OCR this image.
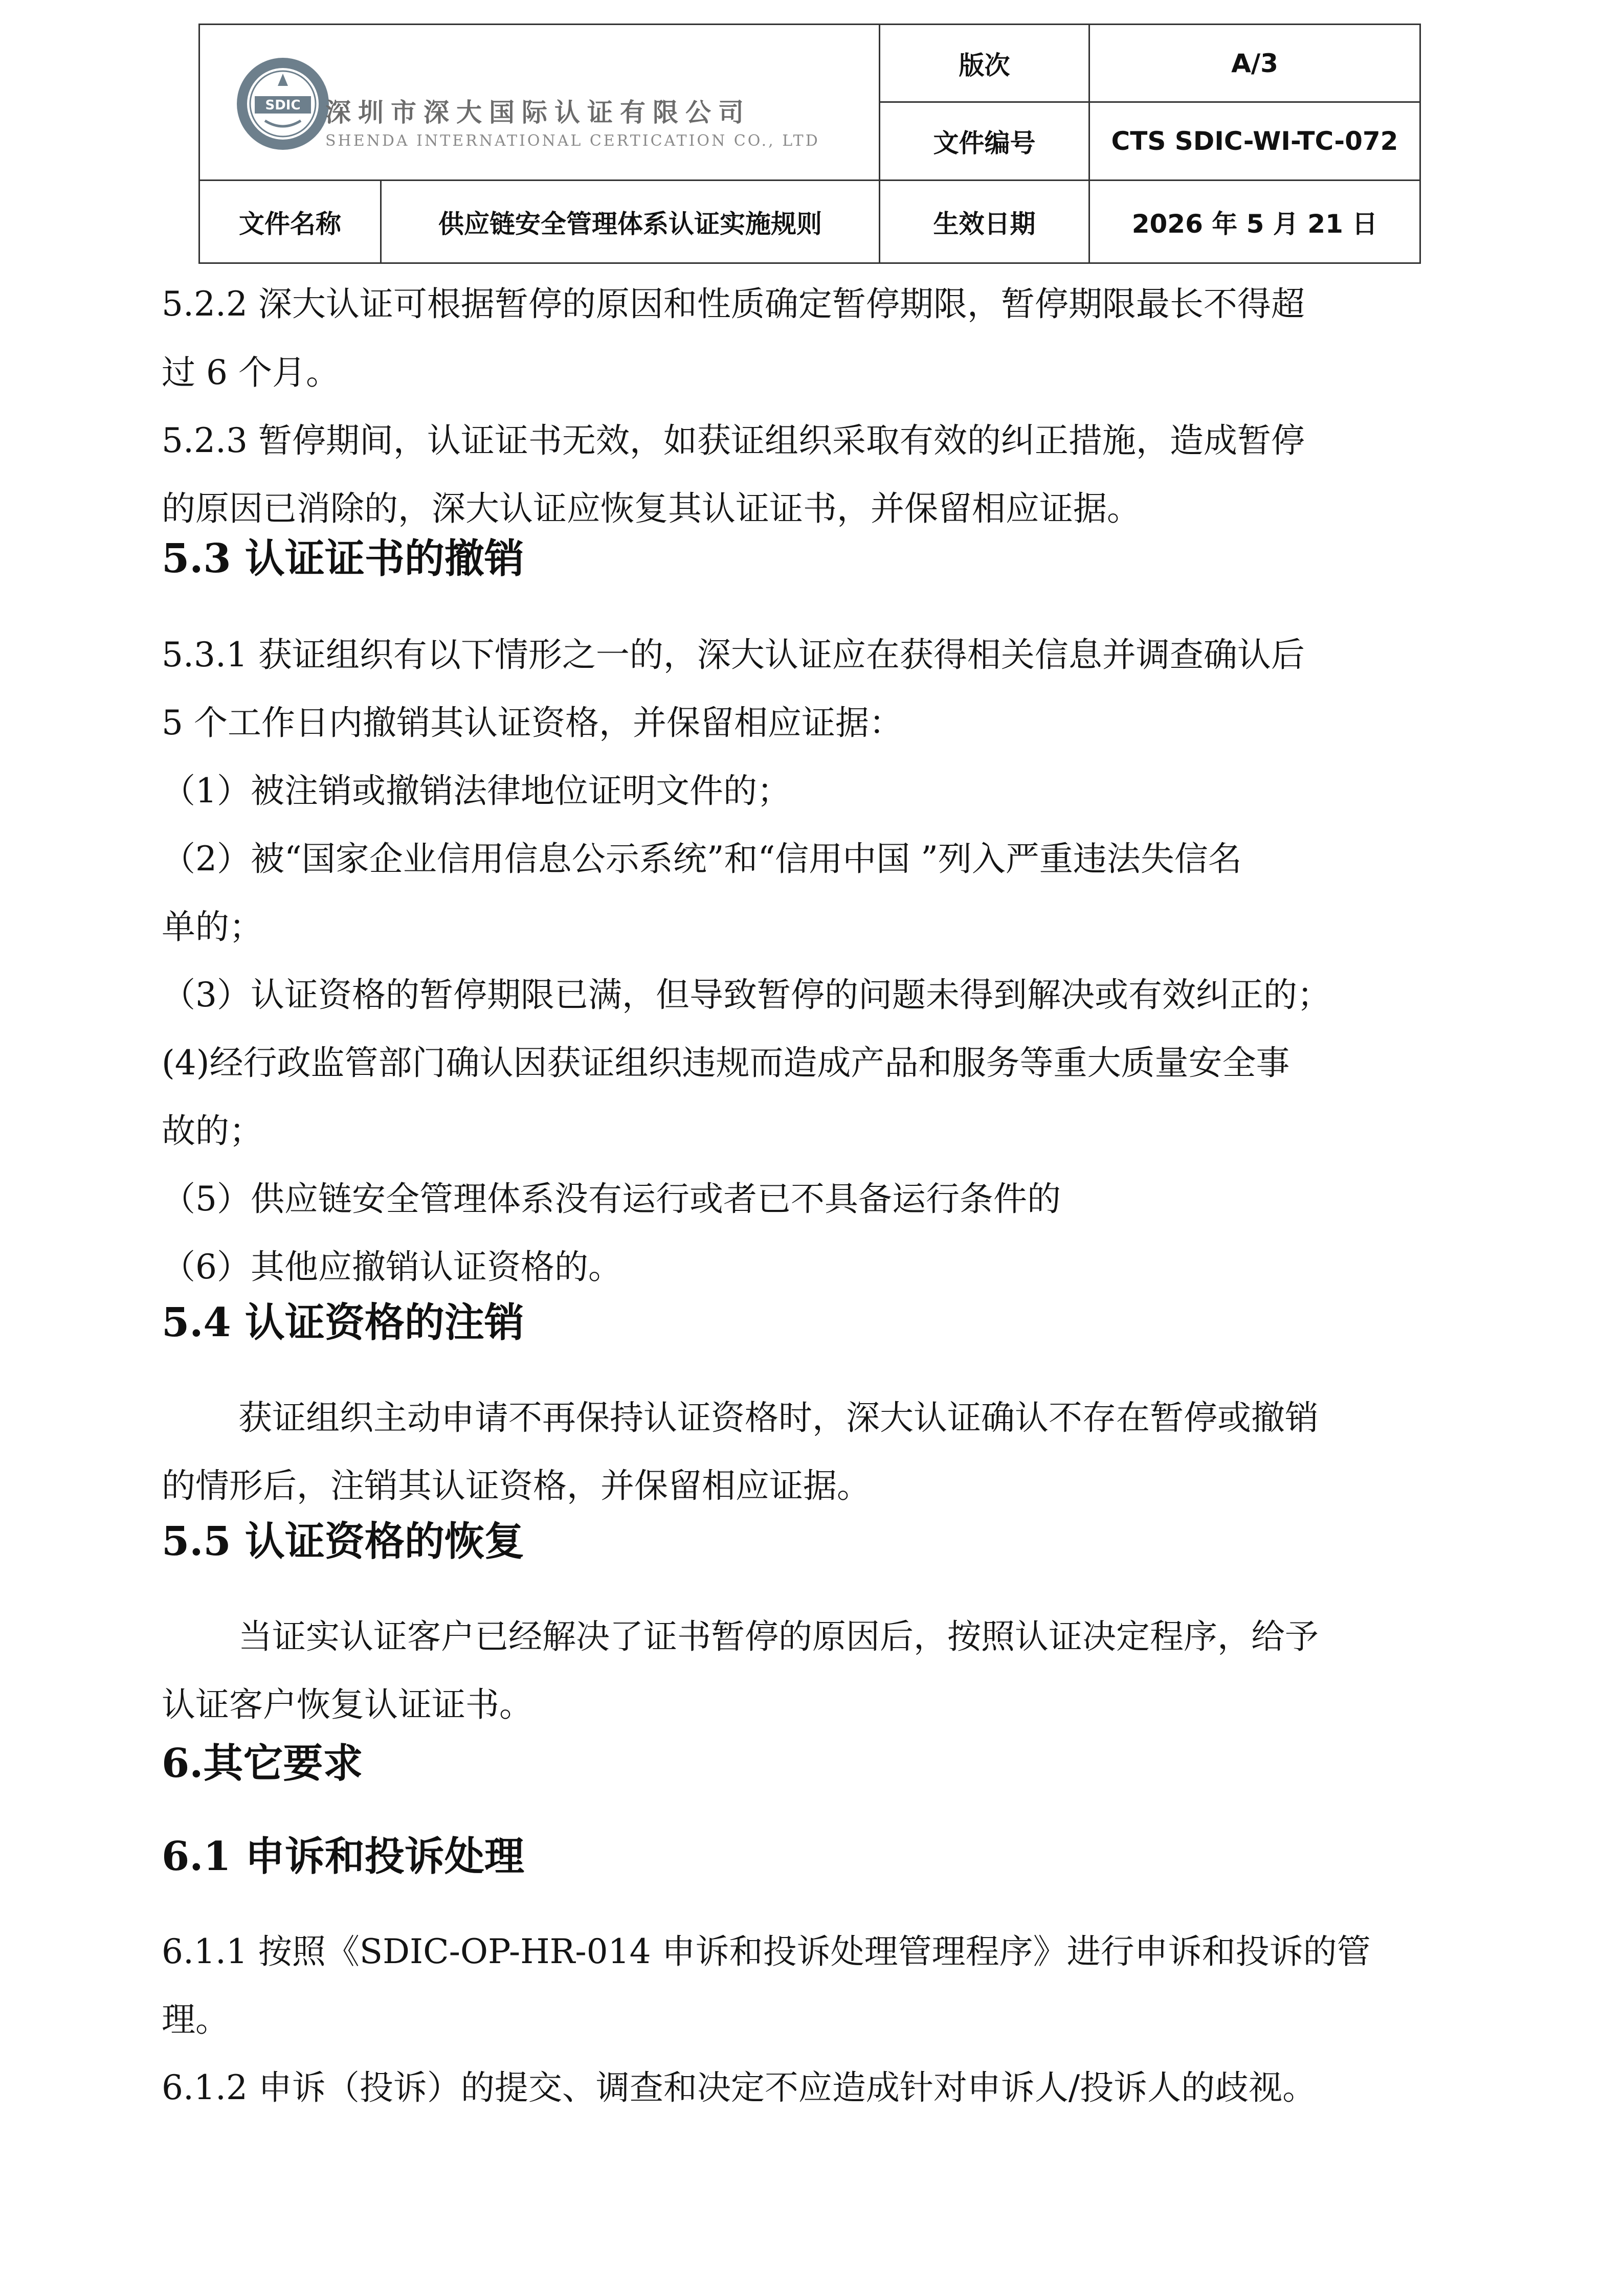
SDIC 深圳市深大国际认证有限公司
SHENDA INTERNATIONAL CERTICATION CO., LTD
版次	A/3
文件编号	CTS SDIC-WI-TC-072
文件名称	供应链安全管理体系认证实施规则	生效日期	2026 年 5 月 21 日
5.2.2 深大认证可根据暂停的原因和性质确定暂停期限，暂停期限最长不得超
过 6 个月。
5.2.3 暂停期间，认证证书无效，如获证组织采取有效的纠正措施，造成暂停
的原因已消除的，深大认证应恢复其认证证书，并保留相应证据。
5.3 认证证书的撤销
5.3.1 获证组织有以下情形之一的，深大认证应在获得相关信息并调查确认后
5 个工作日内撤销其认证资格，并保留相应证据：
（1）被注销或撤销法律地位证明文件的；
（2）被“国家企业信用信息公示系统”和“信用中国 ”列入严重违法失信名
单的；
（3）认证资格的暂停期限已满，但导致暂停的问题未得到解决或有效纠正的；
(4)经行政监管部门确认因获证组织违规而造成产品和服务等重大质量安全事
故的；
（5）供应链安全管理体系没有运行或者已不具备运行条件的
（6）其他应撤销认证资格的。
5.4 认证资格的注销
获证组织主动申请不再保持认证资格时，深大认证确认不存在暂停或撤销
的情形后，注销其认证资格，并保留相应证据。
5.5 认证资格的恢复
当证实认证客户已经解决了证书暂停的原因后，按照认证决定程序，给予
认证客户恢复认证证书。
6.其它要求
6.1 申诉和投诉处理
6.1.1 按照《SDIC-OP-HR-014 申诉和投诉处理管理程序》进行申诉和投诉的管
理。
6.1.2 申诉（投诉）的提交、调查和决定不应造成针对申诉人/投诉人的歧视。
